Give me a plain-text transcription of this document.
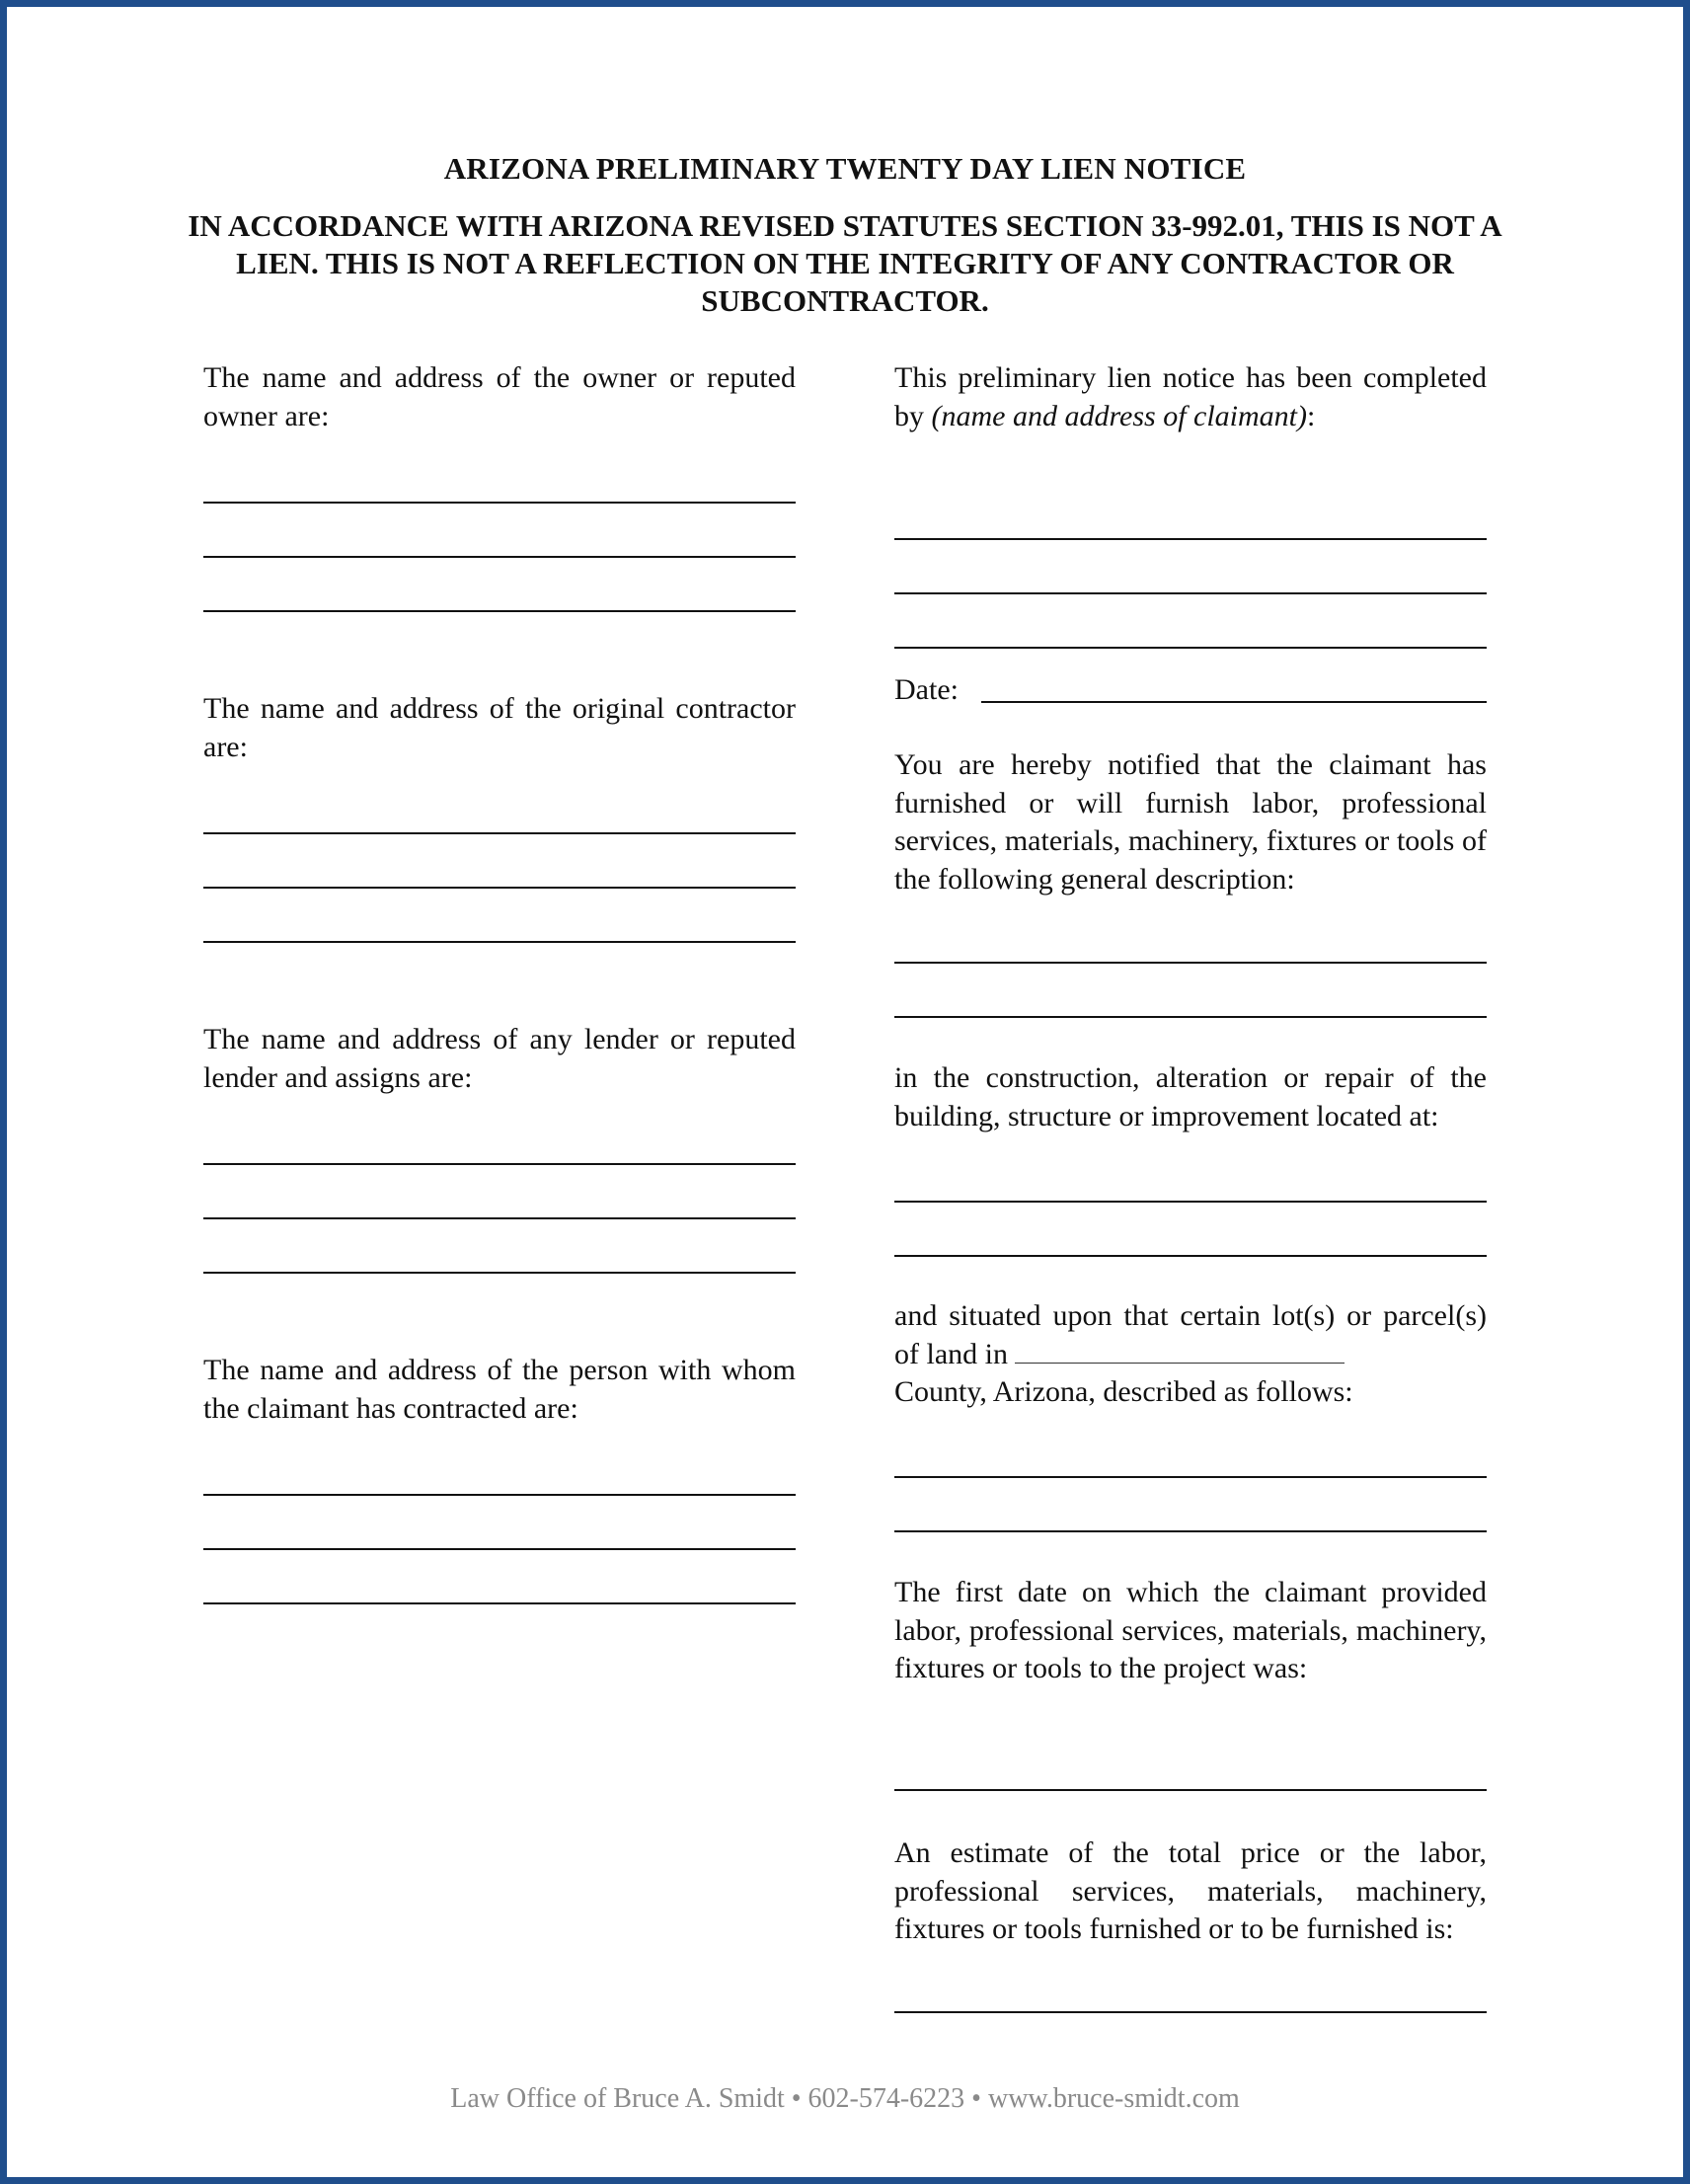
ARIZONA PRELIMINARY TWENTY DAY LIEN NOTICE
IN ACCORDANCE WITH ARIZONA REVISED STATUTES SECTION 33-992.01, THIS IS NOT A LIEN. THIS IS NOT A REFLECTION ON THE INTEGRITY OF ANY CONTRACTOR OR SUBCONTRACTOR.
The name and address of the owner or reputed owner are:
The name and address of the original contractor are:
The name and address of any lender or reputed lender and assigns are:
The name and address of the person with whom the claimant has contracted are:
This preliminary lien notice has been completed by (name and address of claimant):
Date:
You are hereby notified that the claimant has furnished or will furnish labor, professional services, materials, machinery, fixtures or tools of the following general description:
in the construction, alteration or repair of the building, structure or improvement located at:
and situated upon that certain lot(s) or parcel(s) of land in
County, Arizona, described as follows:
The first date on which the claimant provided labor, professional services, materials, machinery, fixtures or tools to the project was:
An estimate of the total price or the labor, professional services, materials, machinery, fixtures or tools furnished or to be furnished is:
Law Office of Bruce A. Smidt • 602-574-6223 • www.bruce-smidt.com
